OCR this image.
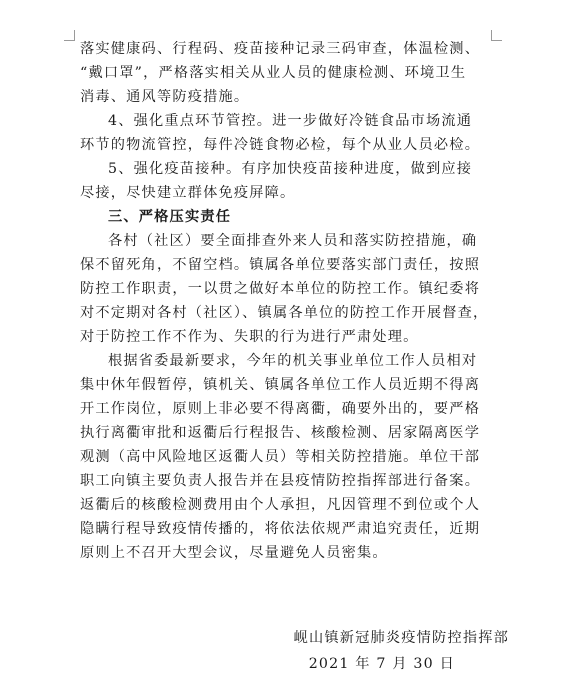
落实健康码、行程码、疫苗接种记录三码审查，体温检测、
“戴口罩”，严格落实相关从业人员的健康检测、环境卫生
消毒、通风等防疫措施。
4、强化重点环节管控。进一步做好冷链食品市场流通
环节的物流管控，每件冷链食物必检，每个从业人员必检。
5、强化疫苗接种。有序加快疫苗接种进度，做到应接
尽接，尽快建立群体免疫屏障。
三、严格压实责任
各村（社区）要全面排查外来人员和落实防控措施，确
保不留死角，不留空档。镇属各单位要落实部门责任，按照
防控工作职责，一以贯之做好本单位的防控工作。镇纪委将
对不定期对各村（社区）、镇属各单位的防控工作开展督查，
对于防控工作不作为、失职的行为进行严肃处理。
根据省委最新要求，今年的机关事业单位工作人员相对
集中休年假暂停，镇机关、镇属各单位工作人员近期不得离
开工作岗位，原则上非必要不得离衢，确要外出的，要严格
执行离衢审批和返衢后行程报告、核酸检测、居家隔离医学
观测（高中风险地区返衢人员）等相关防控措施。单位干部
职工向镇主要负责人报告并在县疫情防控指挥部进行备案。
返衢后的核酸检测费用由个人承担，凡因管理不到位或个人
隐瞒行程导致疫情传播的，将依法依规严肃追究责任，近期
原则上不召开大型会议，尽量避免人员密集。
岘山镇新冠肺炎疫情防控指挥部
2021 年 7 月 30 日
